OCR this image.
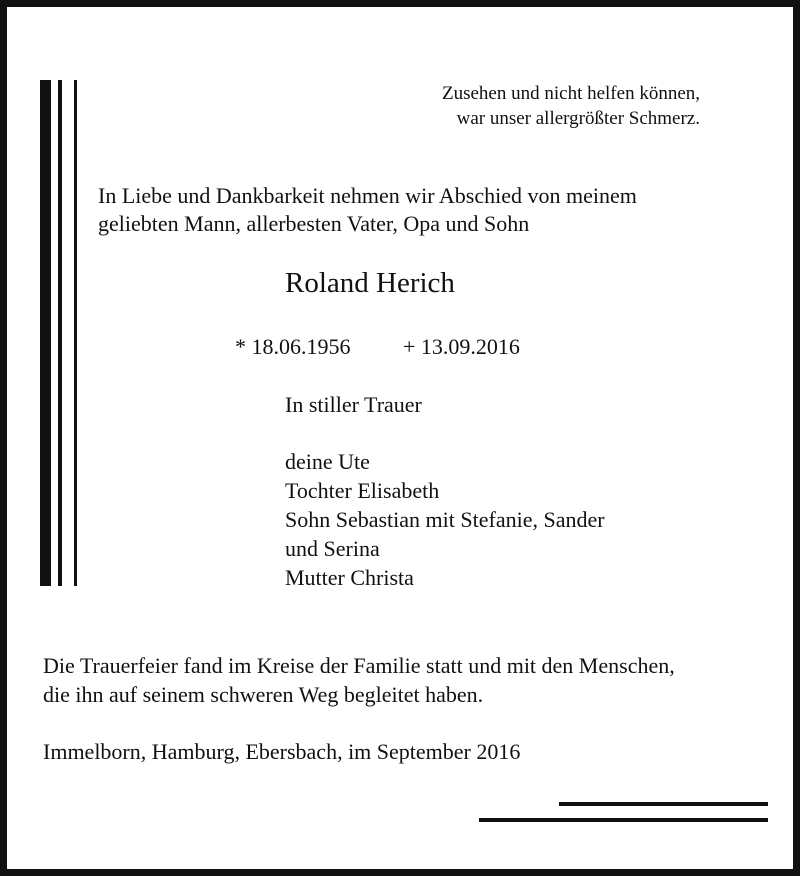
Zusehen und nicht helfen können,

war unser allergrößter Schmerz.

In Liebe und Dankbarkeit nehmen wir Abschied von meinem

geliebten Mann, allerbesten Vater, Opa und Sohn

Roland Herich

* 18.06.1956 + 13.09.2016

In stiller Trauer

deine Ute

Tochter Elisabeth

Sohn Sebastian mit Stefanie, Sander

und Serina

Mutter Christa

Die Trauerfeier fand im Kreise der Familie statt und mit den Menschen,

die ihn auf seinem schweren Weg begleitet haben.

Immelborn, Hamburg, Ebersbach, im September 2016
